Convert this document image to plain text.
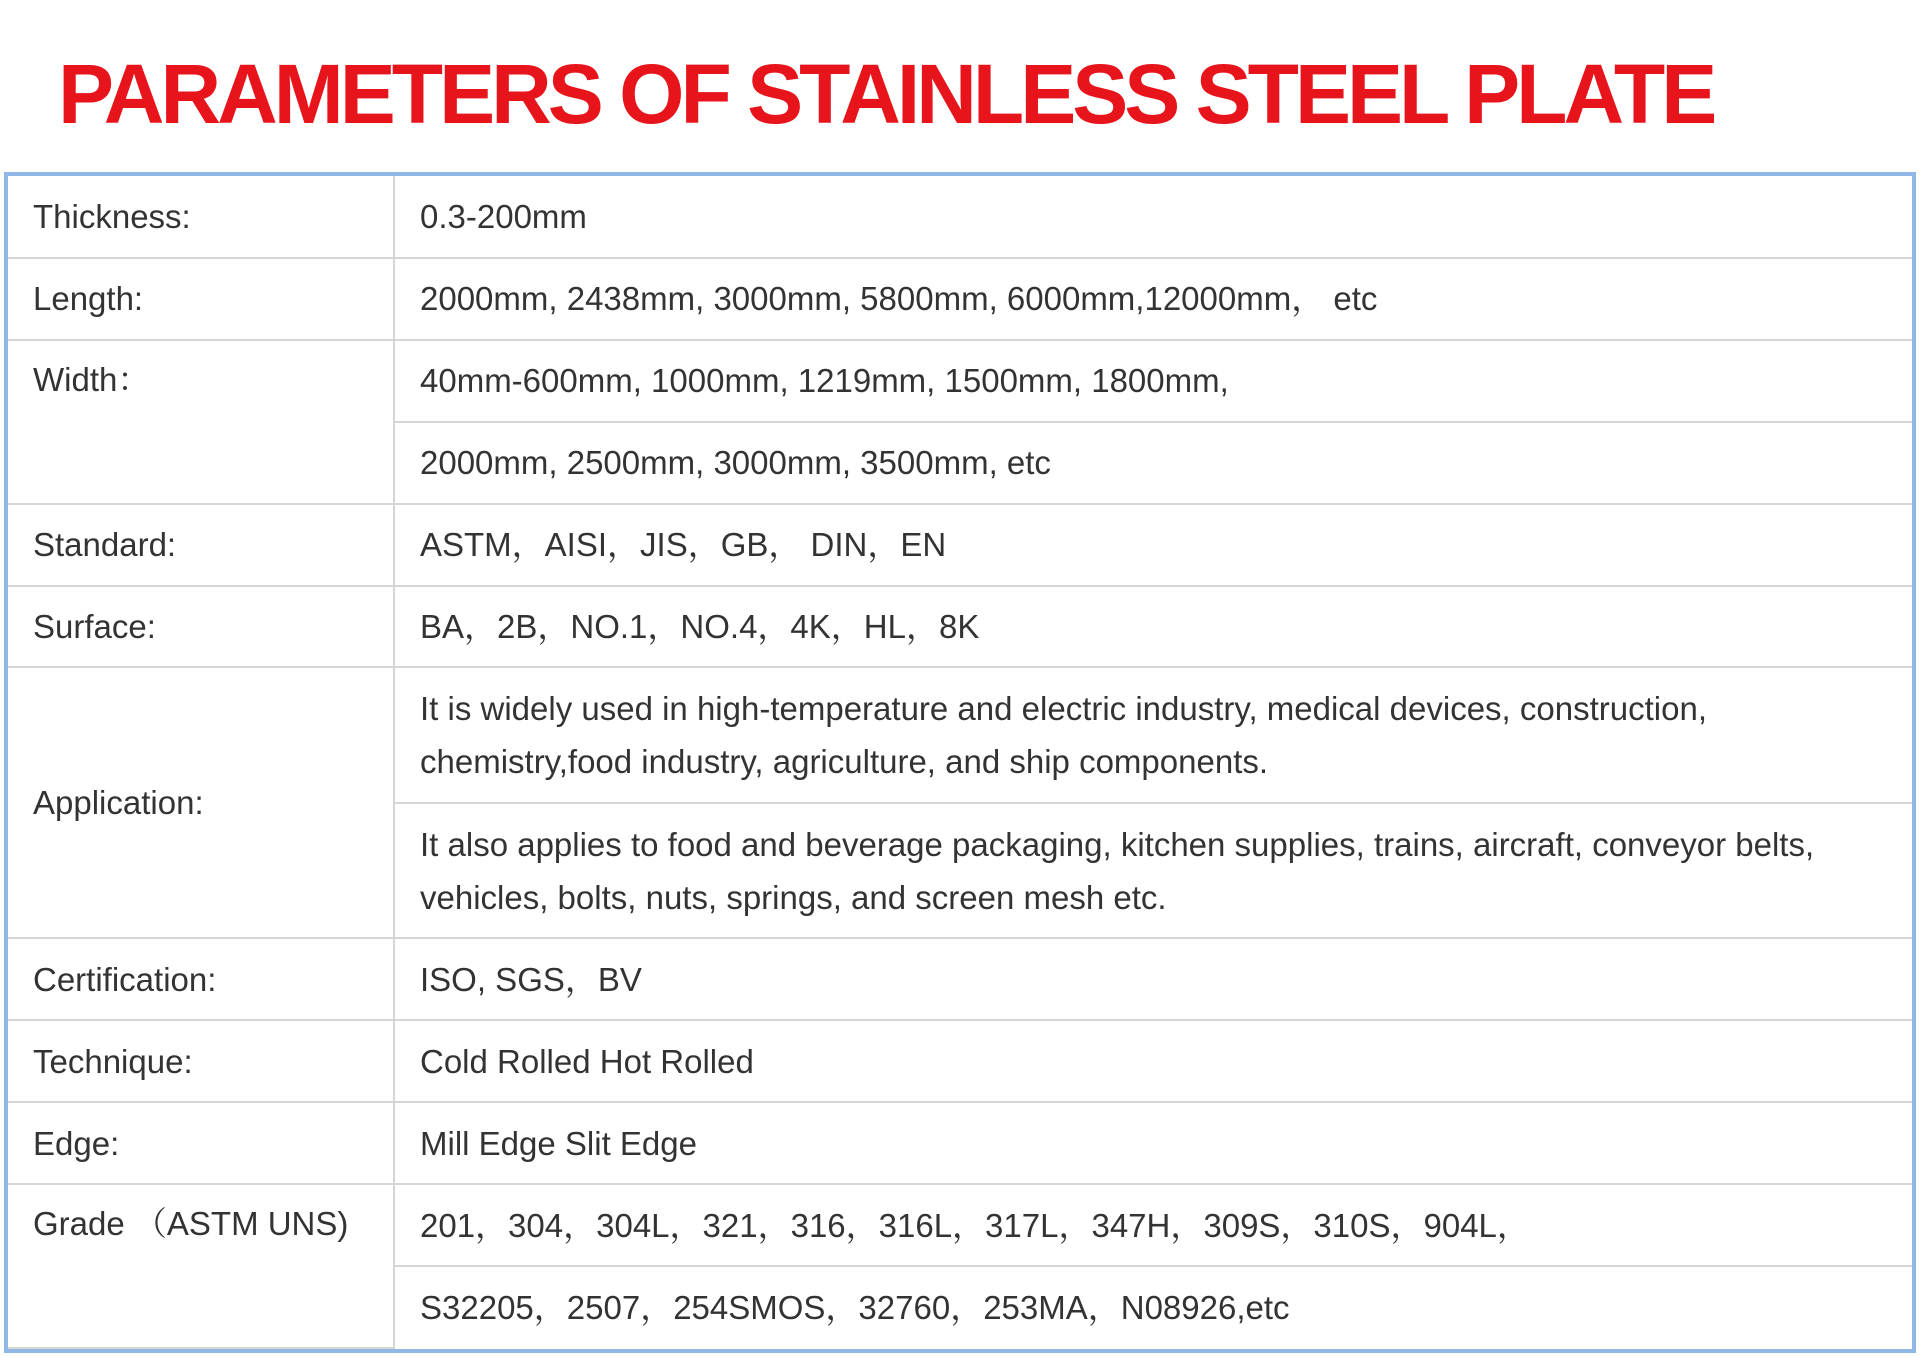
PARAMETERS OF STAINLESS STEEL PLATE
Thickness:	0.3-200mm
Length:	2000mm, 2438mm, 3000mm, 5800mm, 6000mm,12000mm， etc
Width：	40mm-600mm, 1000mm, 1219mm, 1500mm, 1800mm,
	2000mm, 2500mm, 3000mm, 3500mm, etc
Standard:	ASTM，AISI，JIS，GB， DIN，EN
Surface:	BA，2B，NO.1，NO.4，4K，HL，8K
Application:	It is widely used in high-temperature and electric industry, medical devices, construction, chemistry,food industry, agriculture, and ship components.
	It also applies to food and beverage packaging, kitchen supplies, trains, aircraft, conveyor belts, vehicles, bolts, nuts, springs, and screen mesh etc.
Certification:	ISO, SGS，BV
Technique:	Cold Rolled Hot Rolled
Edge:	Mill Edge Slit Edge
Grade （ASTM UNS)	201，304，304L，321，316，316L，317L，347H，309S，310S，904L，
	S32205，2507，254SMOS，32760，253MA，N08926,etc
